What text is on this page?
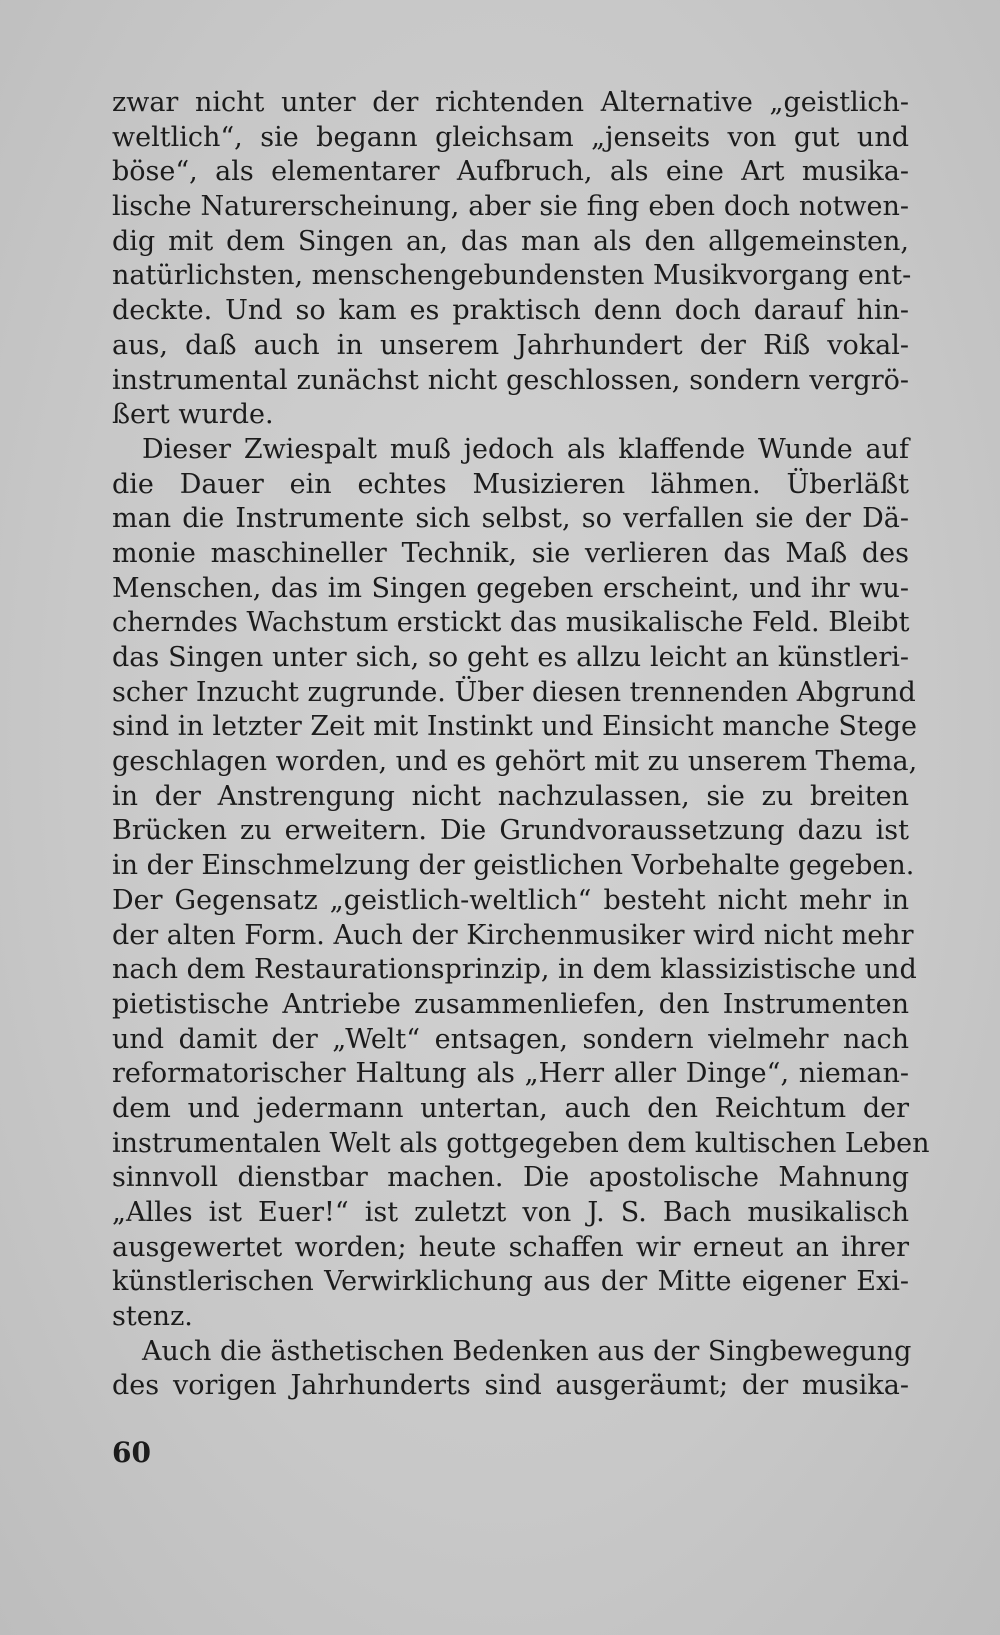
zwar nicht unter der richtenden Alternative „geistlich-
weltlich“, sie begann gleichsam „jenseits von gut und
böse“, als elementarer Aufbruch, als eine Art musika-
lische Naturerscheinung, aber sie fing eben doch notwen-
dig mit dem Singen an, das man als den allgemeinsten,
natürlichsten, menschengebundensten Musikvorgang ent-
deckte. Und so kam es praktisch denn doch darauf hin-
aus, daß auch in unserem Jahrhundert der Riß vokal-
instrumental zunächst nicht geschlossen, sondern vergrö-
ßert wurde.
Dieser Zwiespalt muß jedoch als klaffende Wunde auf
die Dauer ein echtes Musizieren lähmen. Überläßt
man die Instrumente sich selbst, so verfallen sie der Dä-
monie maschineller Technik, sie verlieren das Maß des
Menschen, das im Singen gegeben erscheint, und ihr wu-
cherndes Wachstum erstickt das musikalische Feld. Bleibt
das Singen unter sich, so geht es allzu leicht an künstleri-
scher Inzucht zugrunde. Über diesen trennenden Abgrund
sind in letzter Zeit mit Instinkt und Einsicht manche Stege
geschlagen worden, und es gehört mit zu unserem Thema,
in der Anstrengung nicht nachzulassen, sie zu breiten
Brücken zu erweitern. Die Grundvoraussetzung dazu ist
in der Einschmelzung der geistlichen Vorbehalte gegeben.
Der Gegensatz „geistlich-weltlich“ besteht nicht mehr in
der alten Form. Auch der Kirchenmusiker wird nicht mehr
nach dem Restaurationsprinzip, in dem klassizistische und
pietistische Antriebe zusammenliefen, den Instrumenten
und damit der „Welt“ entsagen, sondern vielmehr nach
reformatorischer Haltung als „Herr aller Dinge“, nieman-
dem und jedermann untertan, auch den Reichtum der
instrumentalen Welt als gottgegeben dem kultischen Leben
sinnvoll dienstbar machen. Die apostolische Mahnung
„Alles ist Euer!“ ist zuletzt von J. S. Bach musikalisch
ausgewertet worden; heute schaffen wir erneut an ihrer
künstlerischen Verwirklichung aus der Mitte eigener Exi-
stenz.
Auch die ästhetischen Bedenken aus der Singbewegung
des vorigen Jahrhunderts sind ausgeräumt; der musika-
60
